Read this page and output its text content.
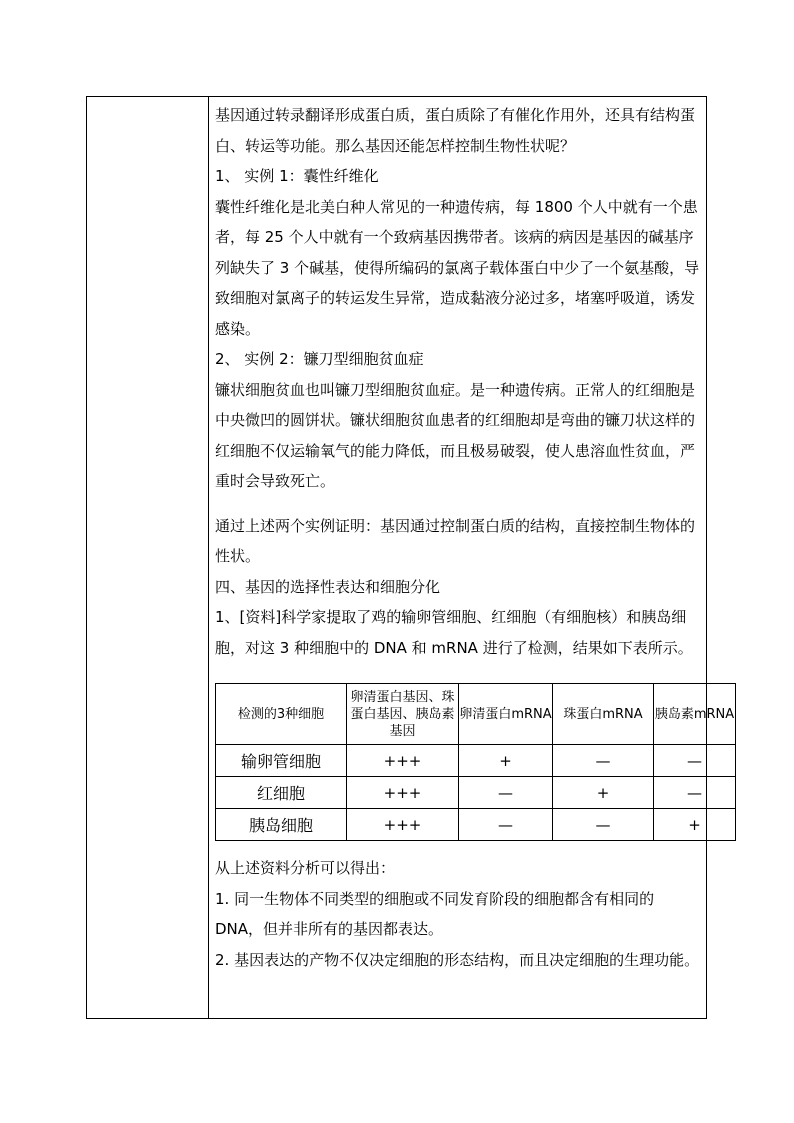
基因通过转录翻译形成蛋白质，蛋白质除了有催化作用外，还具有结构蛋白、转运等功能。那么基因还能怎样控制生物性状呢？

1、 实例 1：囊性纤维化

囊性纤维化是北美白种人常见的一种遗传病，每 1800 个人中就有一个患者，每 25 个人中就有一个致病基因携带者。该病的病因是基因的碱基序列缺失了 3 个碱基，使得所编码的氯离子载体蛋白中少了一个氨基酸，导致细胞对氯离子的转运发生异常，造成黏液分泌过多，堵塞呼吸道，诱发感染。

2、 实例 2：镰刀型细胞贫血症

镰状细胞贫血也叫镰刀型细胞贫血症。是一种遗传病。正常人的红细胞是中央微凹的圆饼状。镰状细胞贫血患者的红细胞却是弯曲的镰刀状这样的红细胞不仅运输氧气的能力降低，而且极易破裂，使人患溶血性贫血，严重时会导致死亡。

通过上述两个实例证明：基因通过控制蛋白质的结构，直接控制生物体的性状。

四、基因的选择性表达和细胞分化

1、[资料]科学家提取了鸡的输卵管细胞、红细胞（有细胞核）和胰岛细胞，对这 3 种细胞中的 DNA 和 mRNA 进行了检测，结果如下表所示。

检测的3种细胞	卵清蛋白基因、珠蛋白基因、胰岛素基因	卵清蛋白mRNA	珠蛋白mRNA	胰岛素mRNA
输卵管细胞	+++	+	—	—
红细胞	+++	—	+	—
胰岛细胞	+++	—	—	+

从上述资料分析可以得出：

1. 同一生物体不同类型的细胞或不同发育阶段的细胞都含有相同的 DNA，但并非所有的基因都表达。

2. 基因表达的产物不仅决定细胞的形态结构，而且决定细胞的生理功能。
